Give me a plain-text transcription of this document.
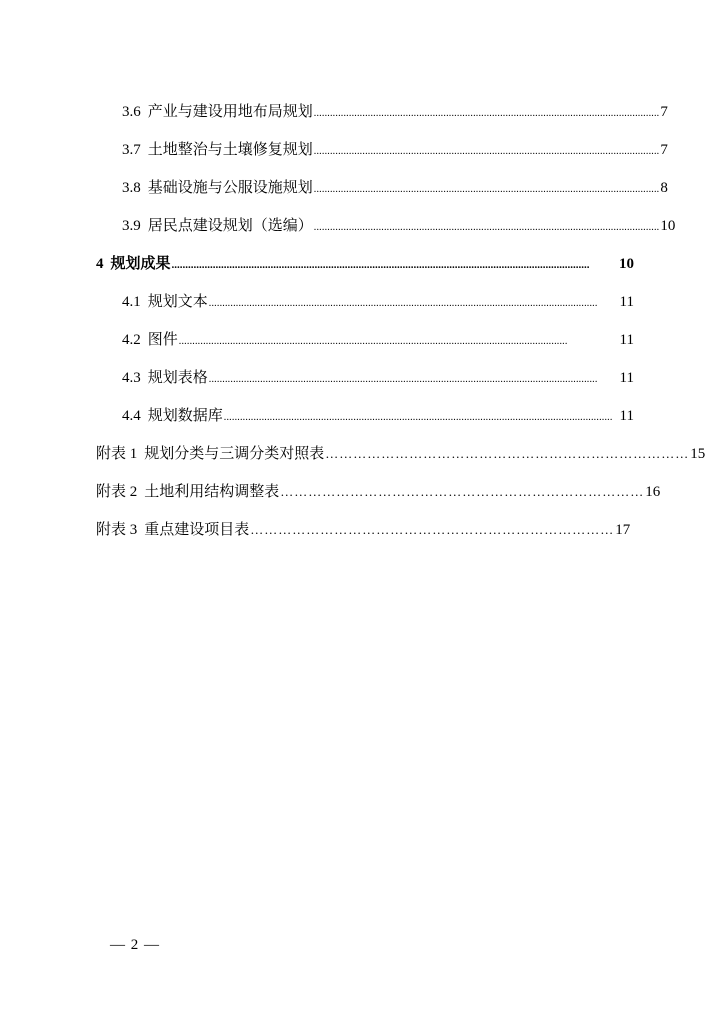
3.6 产业与建设用地布局规划 ................................................................................................................................ 7
3.7 土地整治与土壤修复规划 ................................................................................................................................ 7
3.8 基础设施与公服设施规划 ................................................................................................................................ 8
3.9 居民点建设规划（选编） ................................................................................................................................ 10
4 规划成果 ........................................................................................................................................................	10
4.1 规划文本 ................................................................................................................................................	11
4.2 图件 ................................................................................................................................................	11
4.3 规划表格 ................................................................................................................................................	11
4.4 规划数据库 ................................................................................................................................................ 11
附表 1 规划分类与三调分类对照表 …………………………………………………………………… 15
附表 2 土地利用结构调整表 …………………………………………………………………… 16
附表 3 重点建设项目表 …………………………………………………………………… 17
— 2 —
